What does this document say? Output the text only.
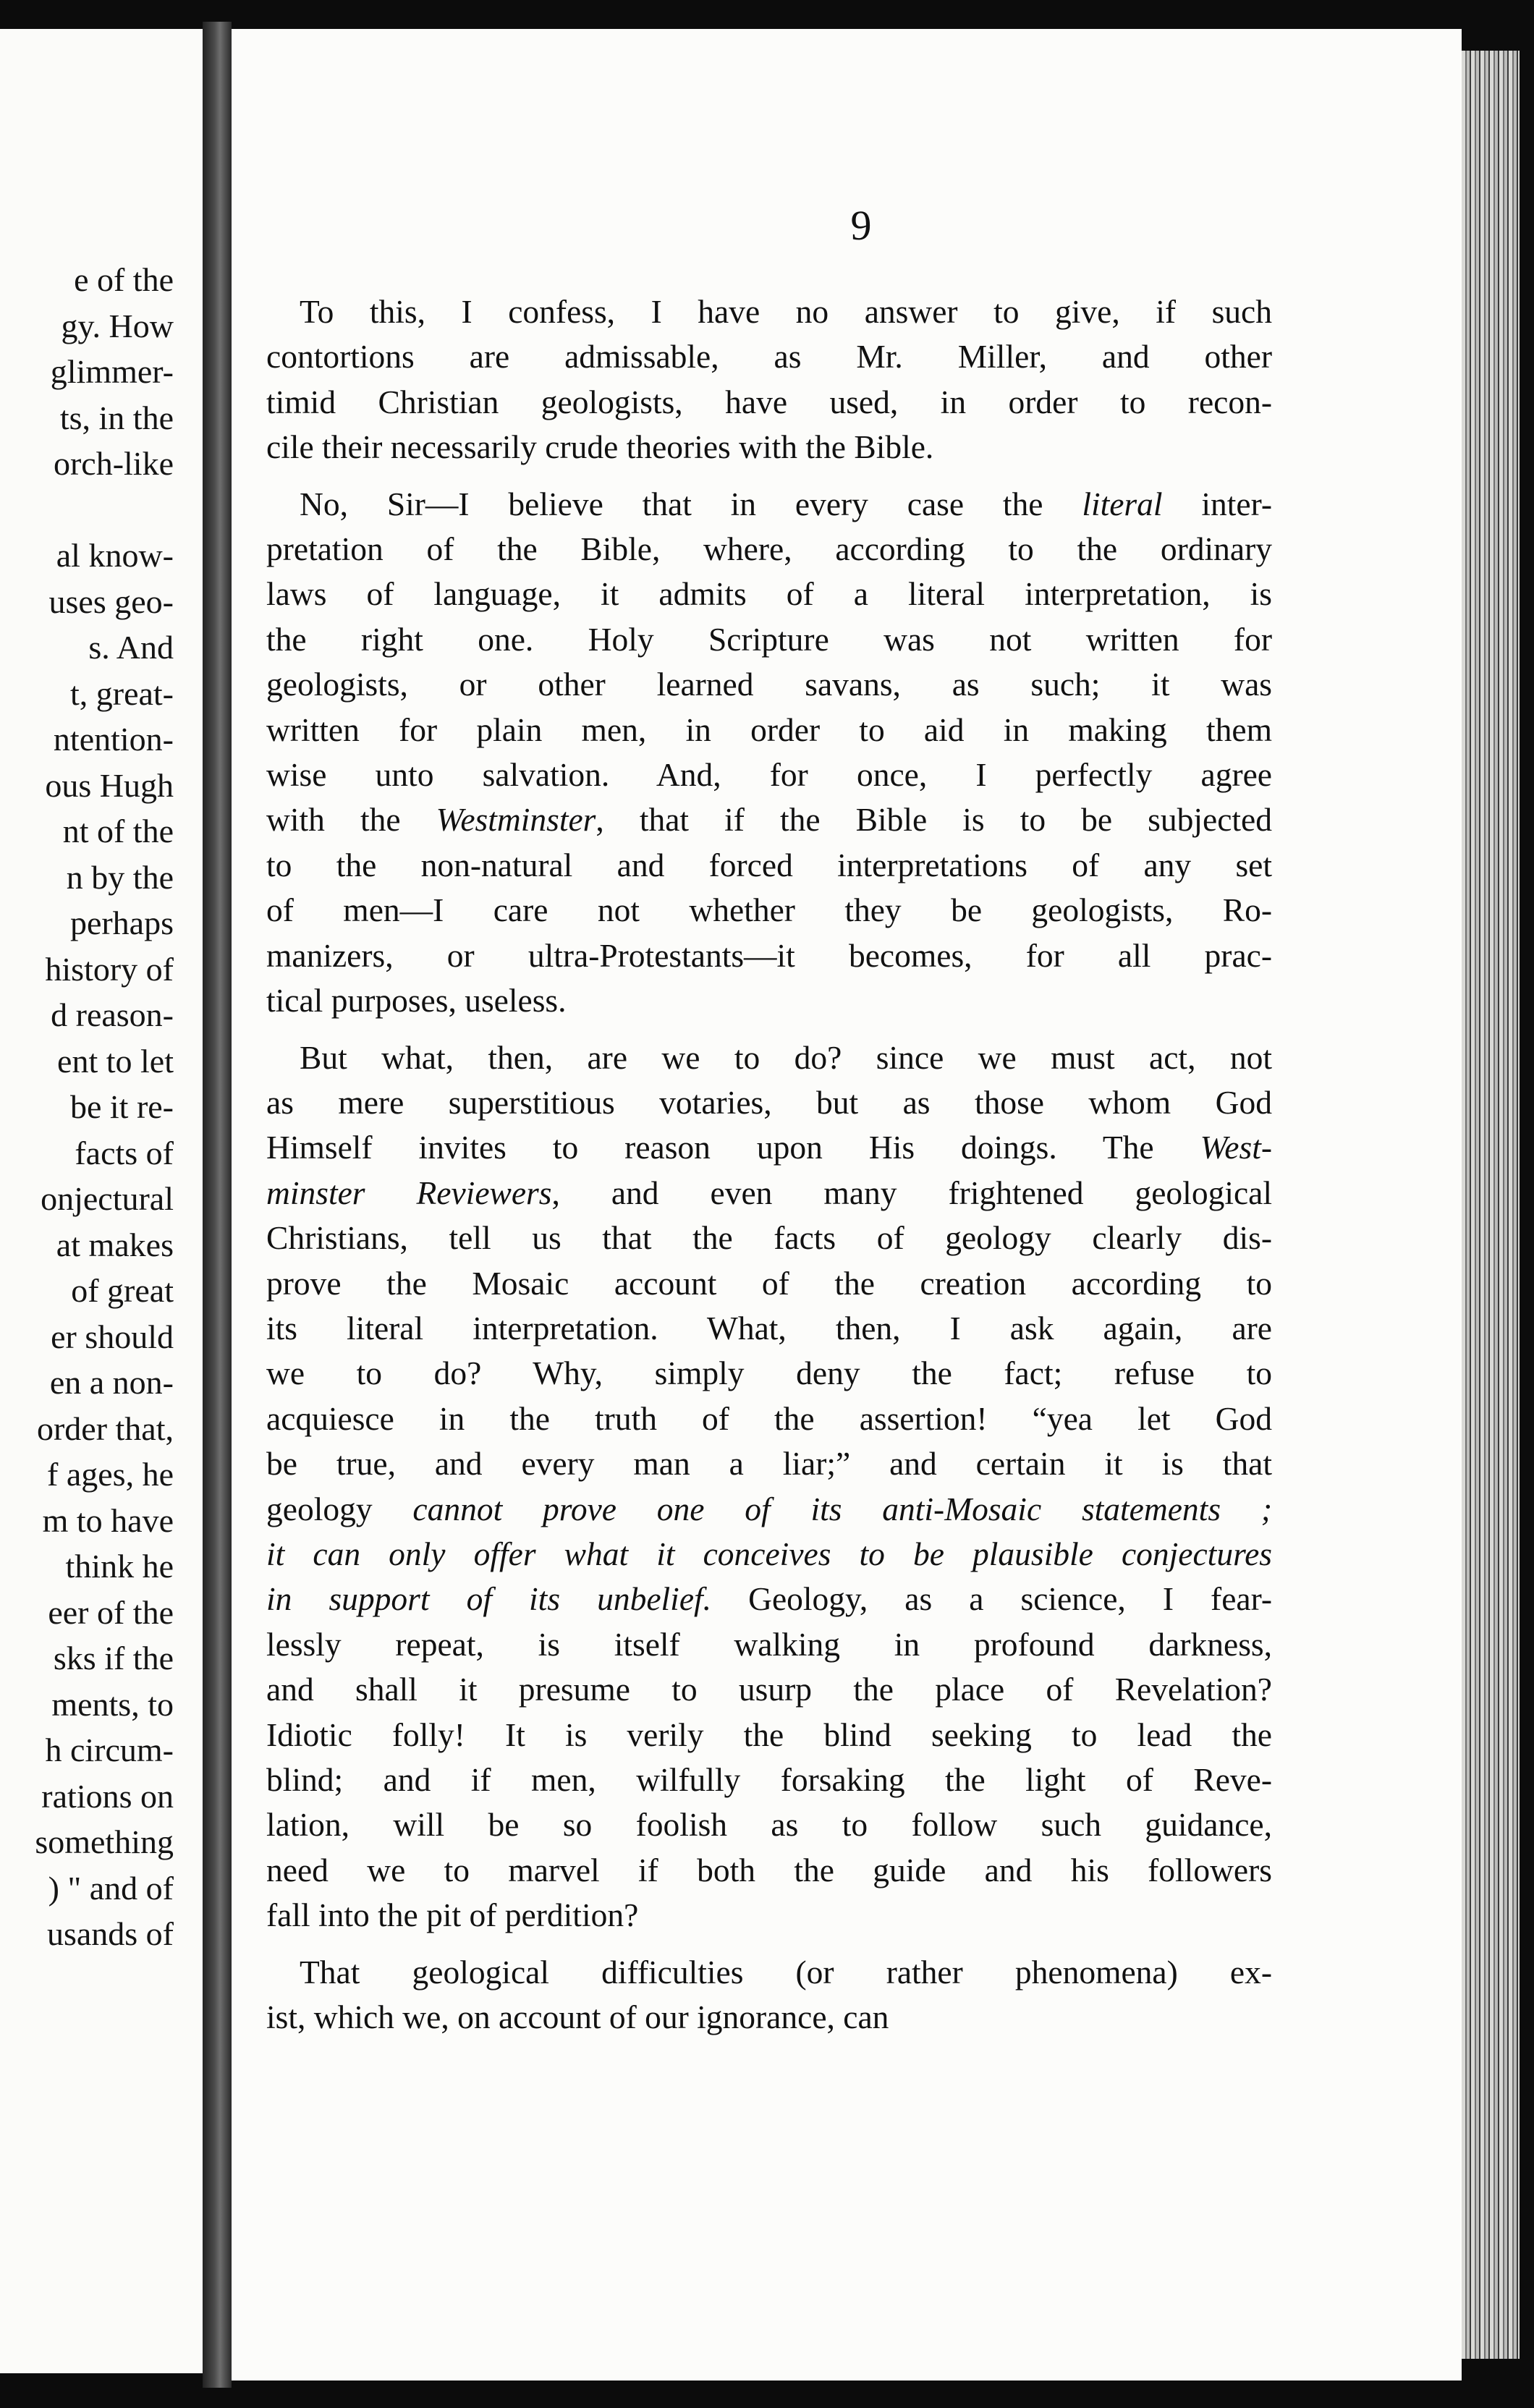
e of the
gy. How
glimmer-
ts, in the
orch-like
al know-
uses geo-
s. And
t, great-
ntention-
ous Hugh
nt of the
n by the
perhaps
history of
d reason-
ent to let
be it re-
facts of
onjectural
at makes
of great
er should
en a non-
order that,
f ages, he
m to have
think he
eer of the
sks if the
ments, to
h circum-
rations on
something
) " and of
usands of
9
To this, I confess, I have no answer to give, if such
contortions are admissable, as Mr. Miller, and other
timid Christian geologists, have used, in order to recon-
cile their necessarily crude theories with the Bible.
No, Sir—I believe that in every case the literal inter-
pretation of the Bible, where, according to the ordinary
laws of language, it admits of a literal interpretation, is
the right one. Holy Scripture was not written for
geologists, or other learned savans, as such; it was
written for plain men, in order to aid in making them
wise unto salvation. And, for once, I perfectly agree
with the Westminster, that if the Bible is to be subjected
to the non-natural and forced interpretations of any set
of men—I care not whether they be geologists, Ro-
manizers, or ultra-Protestants—it becomes, for all prac-
tical purposes, useless.
But what, then, are we to do? since we must act, not
as mere superstitious votaries, but as those whom God
Himself invites to reason upon His doings. The West-
minster Reviewers, and even many frightened geological
Christians, tell us that the facts of geology clearly dis-
prove the Mosaic account of the creation according to
its literal interpretation. What, then, I ask again, are
we to do? Why, simply deny the fact; refuse to
acquiesce in the truth of the assertion! “yea let God
be true, and every man a liar;” and certain it is that
geology cannot prove one of its anti-Mosaic statements ;
it can only offer what it conceives to be plausible conjectures
in support of its unbelief. Geology, as a science, I fear-
lessly repeat, is itself walking in profound darkness,
and shall it presume to usurp the place of Revelation?
Idiotic folly! It is verily the blind seeking to lead the
blind; and if men, wilfully forsaking the light of Reve-
lation, will be so foolish as to follow such guidance,
need we to marvel if both the guide and his followers
fall into the pit of perdition?
That geological difficulties (or rather phenomena) ex-
ist, which we, on account of our ignorance, can
